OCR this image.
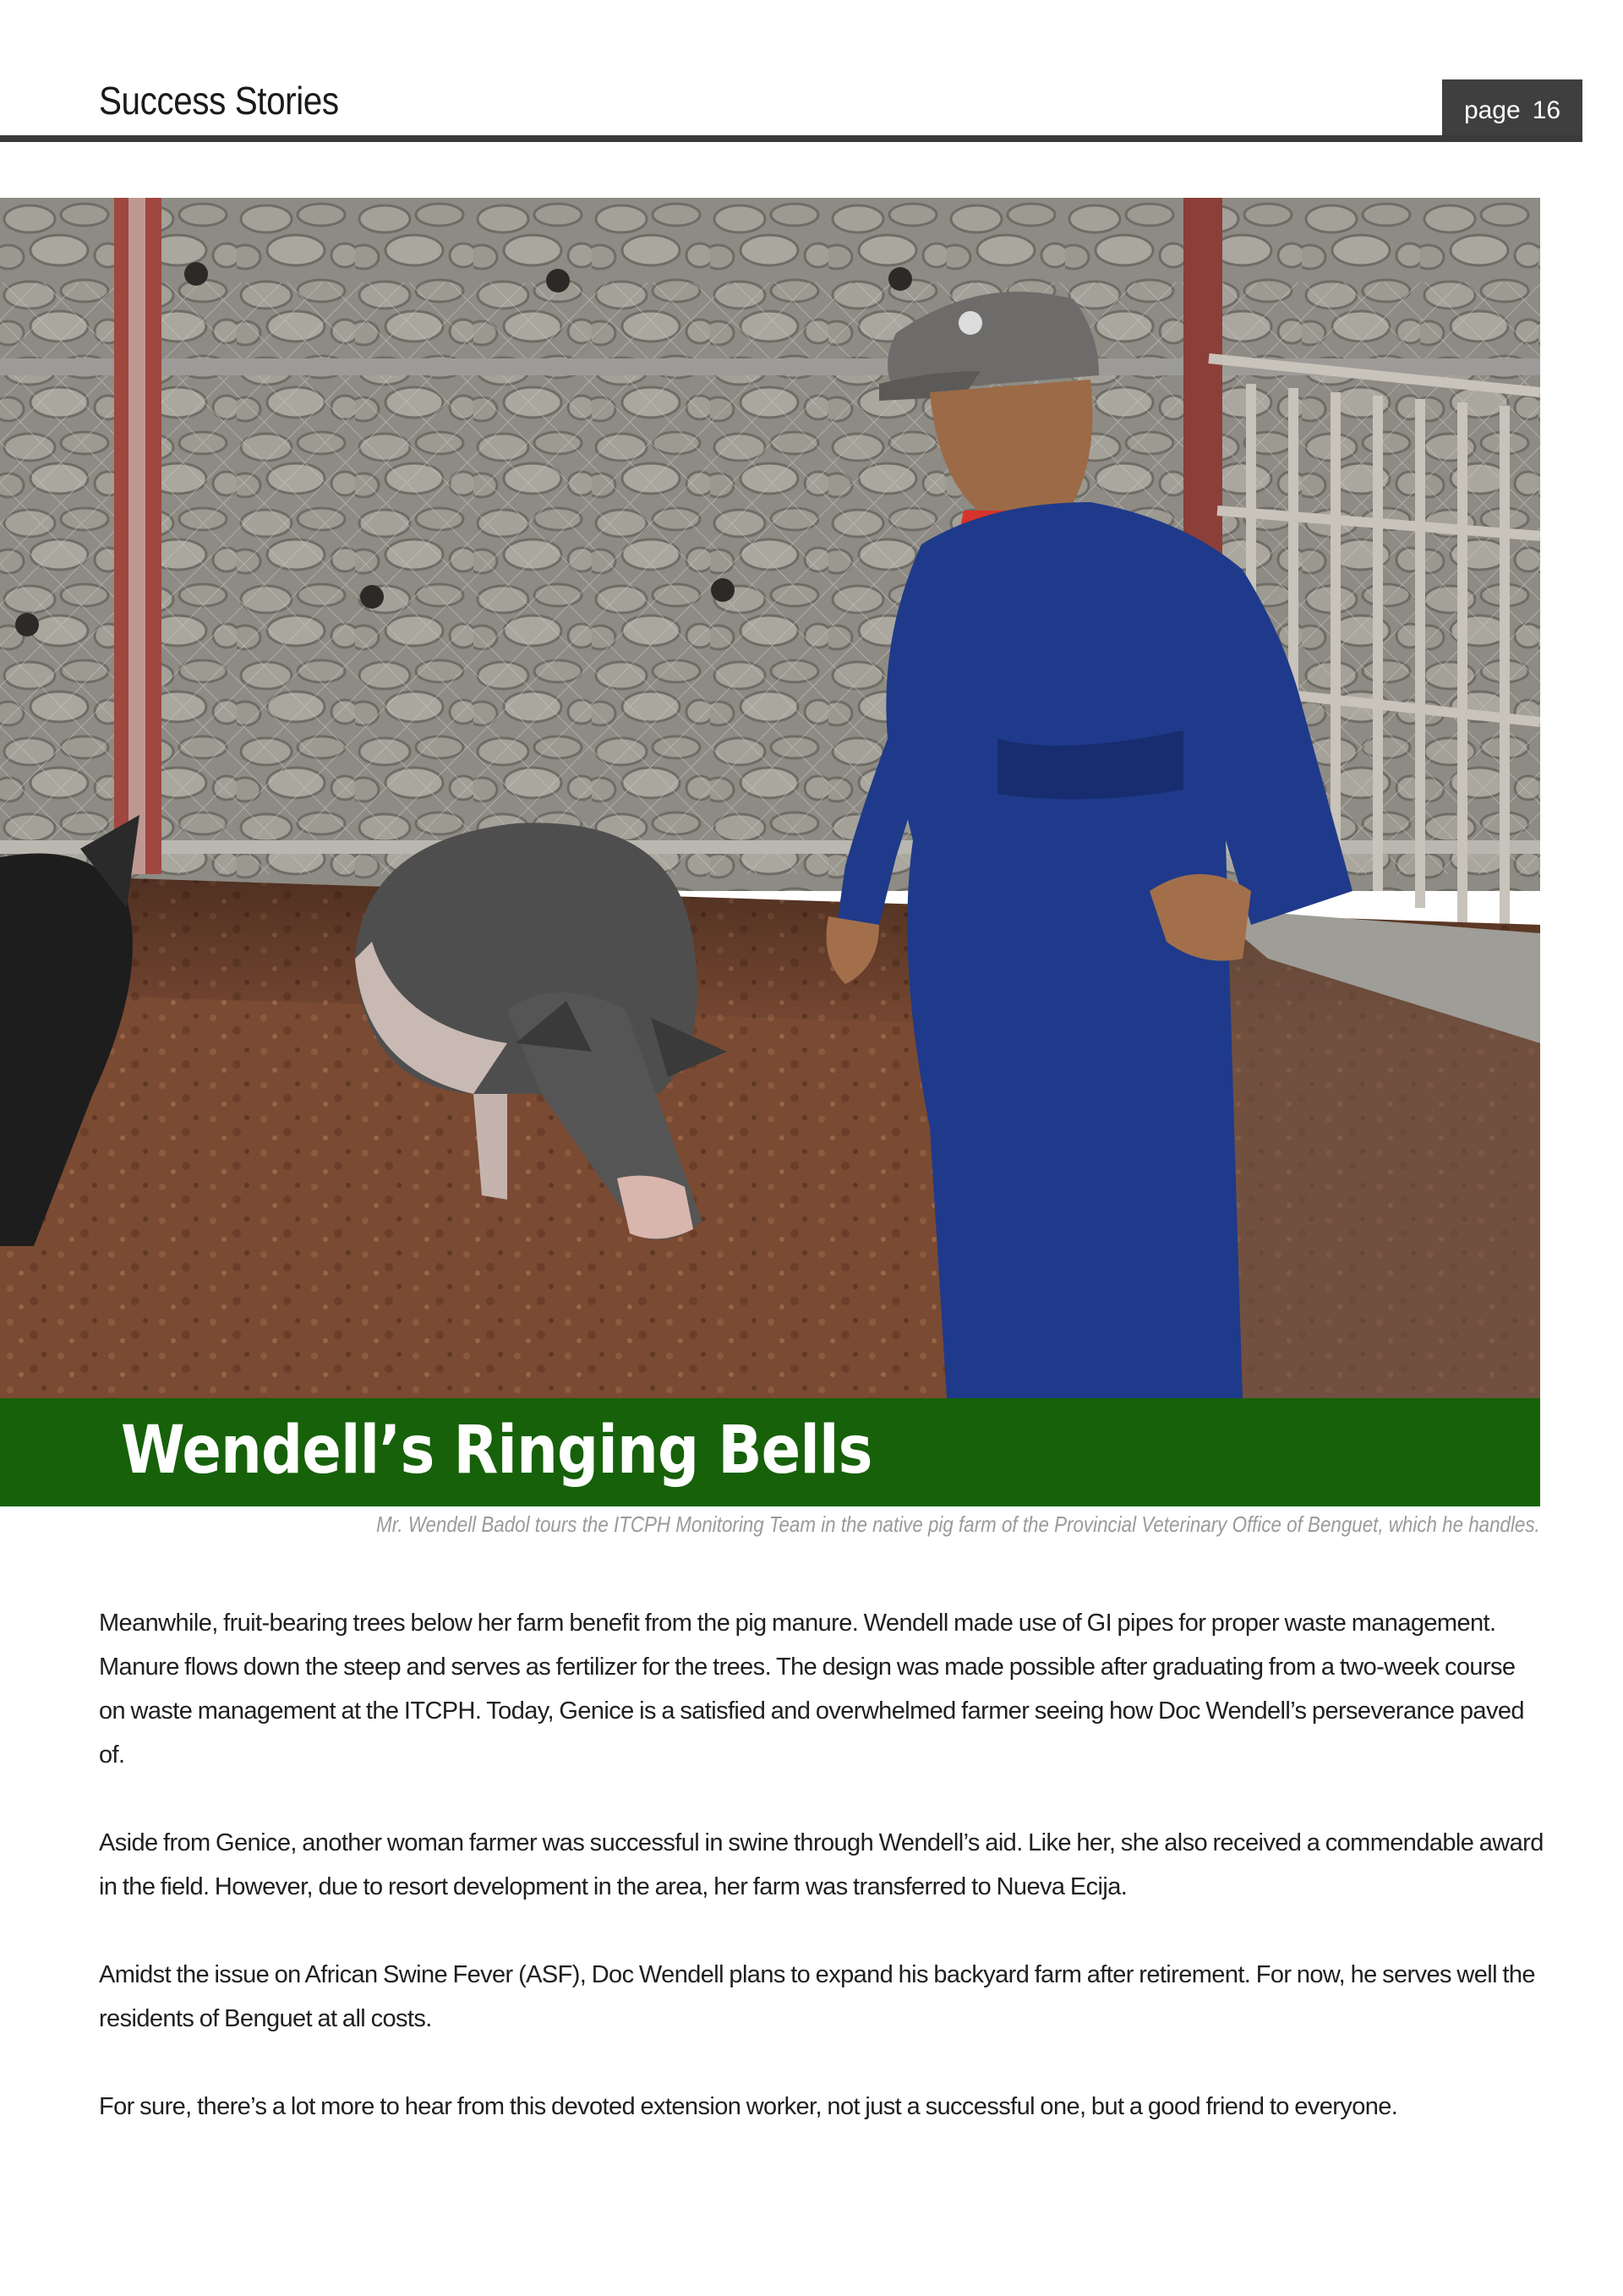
Success Stories	page 16
Wendell’s Ringing Bells
Mr. Wendell Badol tours the ITCPH Monitoring Team in the native pig farm of the Provincial Veterinary Office of Benguet, which he handles.

Meanwhile, fruit-bearing trees below her farm benefit from the pig manure. Wendell made use of GI pipes for proper waste management. Manure flows down the steep and serves as fertilizer for the trees. The design was made possible after graduating from a two-week course on waste management at the ITCPH. Today, Genice is a satisfied and overwhelmed farmer seeing how Doc Wendell’s perseverance paved of.

Aside from Genice, another woman farmer was successful in swine through Wendell’s aid. Like her, she also received a commendable award in the field. However, due to resort development in the area, her farm was transferred to Nueva Ecija.

Amidst the issue on African Swine Fever (ASF), Doc Wendell plans to expand his backyard farm after retirement. For now, he serves well the residents of Benguet at all costs.

For sure, there’s a lot more to hear from this devoted extension worker, not just a successful one, but a good friend to everyone.
